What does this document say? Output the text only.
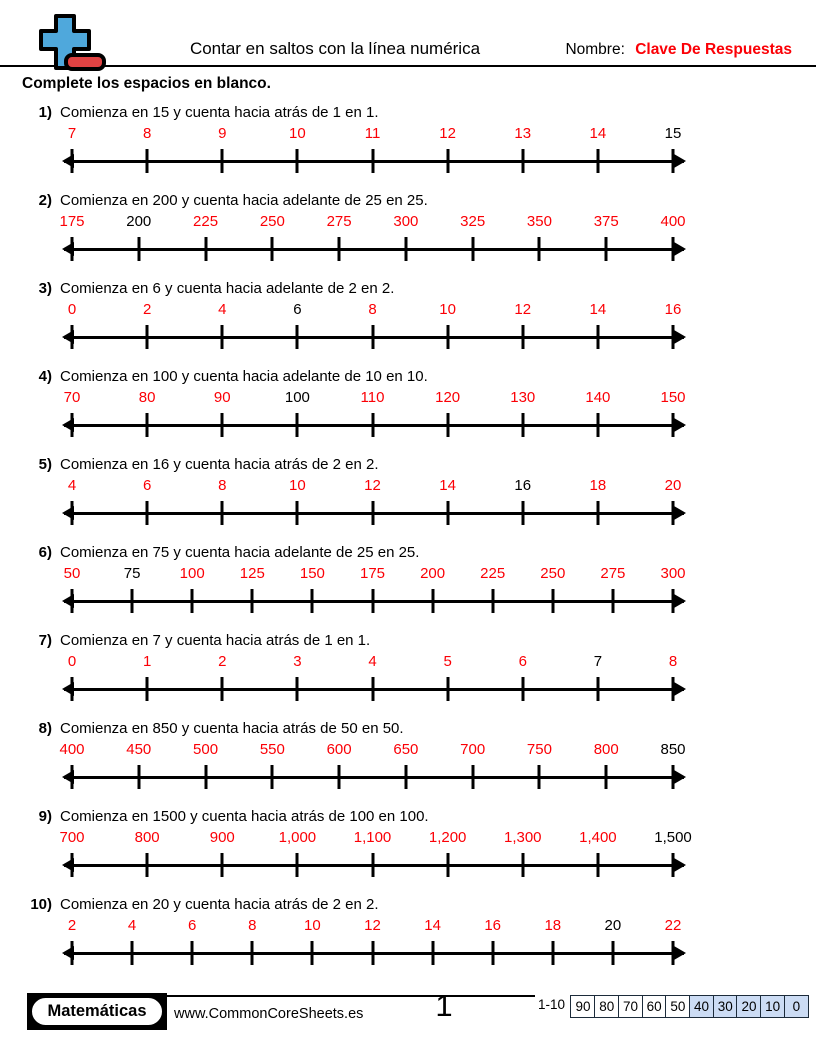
Contar en saltos con la línea numérica	Nombre: Clave De Respuestas
Complete los espacios en blanco.
1) Comienza en 15 y cuenta hacia atrás de 1 en 1.
7	8	9	10	11	12	13	14	15
2) Comienza en 200 y cuenta hacia adelante de 25 en 25.
175	200	225	250	275	300	325	350	375	400
3) Comienza en 6 y cuenta hacia adelante de 2 en 2.
0	2	4	6	8	10	12	14	16
4) Comienza en 100 y cuenta hacia adelante de 10 en 10.
70	80	90	100	110	120	130	140	150
5) Comienza en 16 y cuenta hacia atrás de 2 en 2.
4	6	8	10	12	14	16	18	20
6) Comienza en 75 y cuenta hacia adelante de 25 en 25.
50	75	100 125 150 175 200 225 250 275 300
7) Comienza en 7 y cuenta hacia atrás de 1 en 1.
0	1	2	3	4	5	6	7	8
8) Comienza en 850 y cuenta hacia atrás de 50 en 50.
400	450	500	550	600	650	700	750	800	850
9) Comienza en 1500 y cuenta hacia atrás de 100 en 100.
700	800	900	1,000	1,100	1,200	1,300	1,400	1,500
10) Comienza en 20 y cuenta hacia atrás de 2 en 2.
2	4	6	8	10	12	14	16	18	20	22
Matemáticas	www.CommonCoreSheets.es	1	1-10 90 80 70 60 50 40 30 20 10 0
